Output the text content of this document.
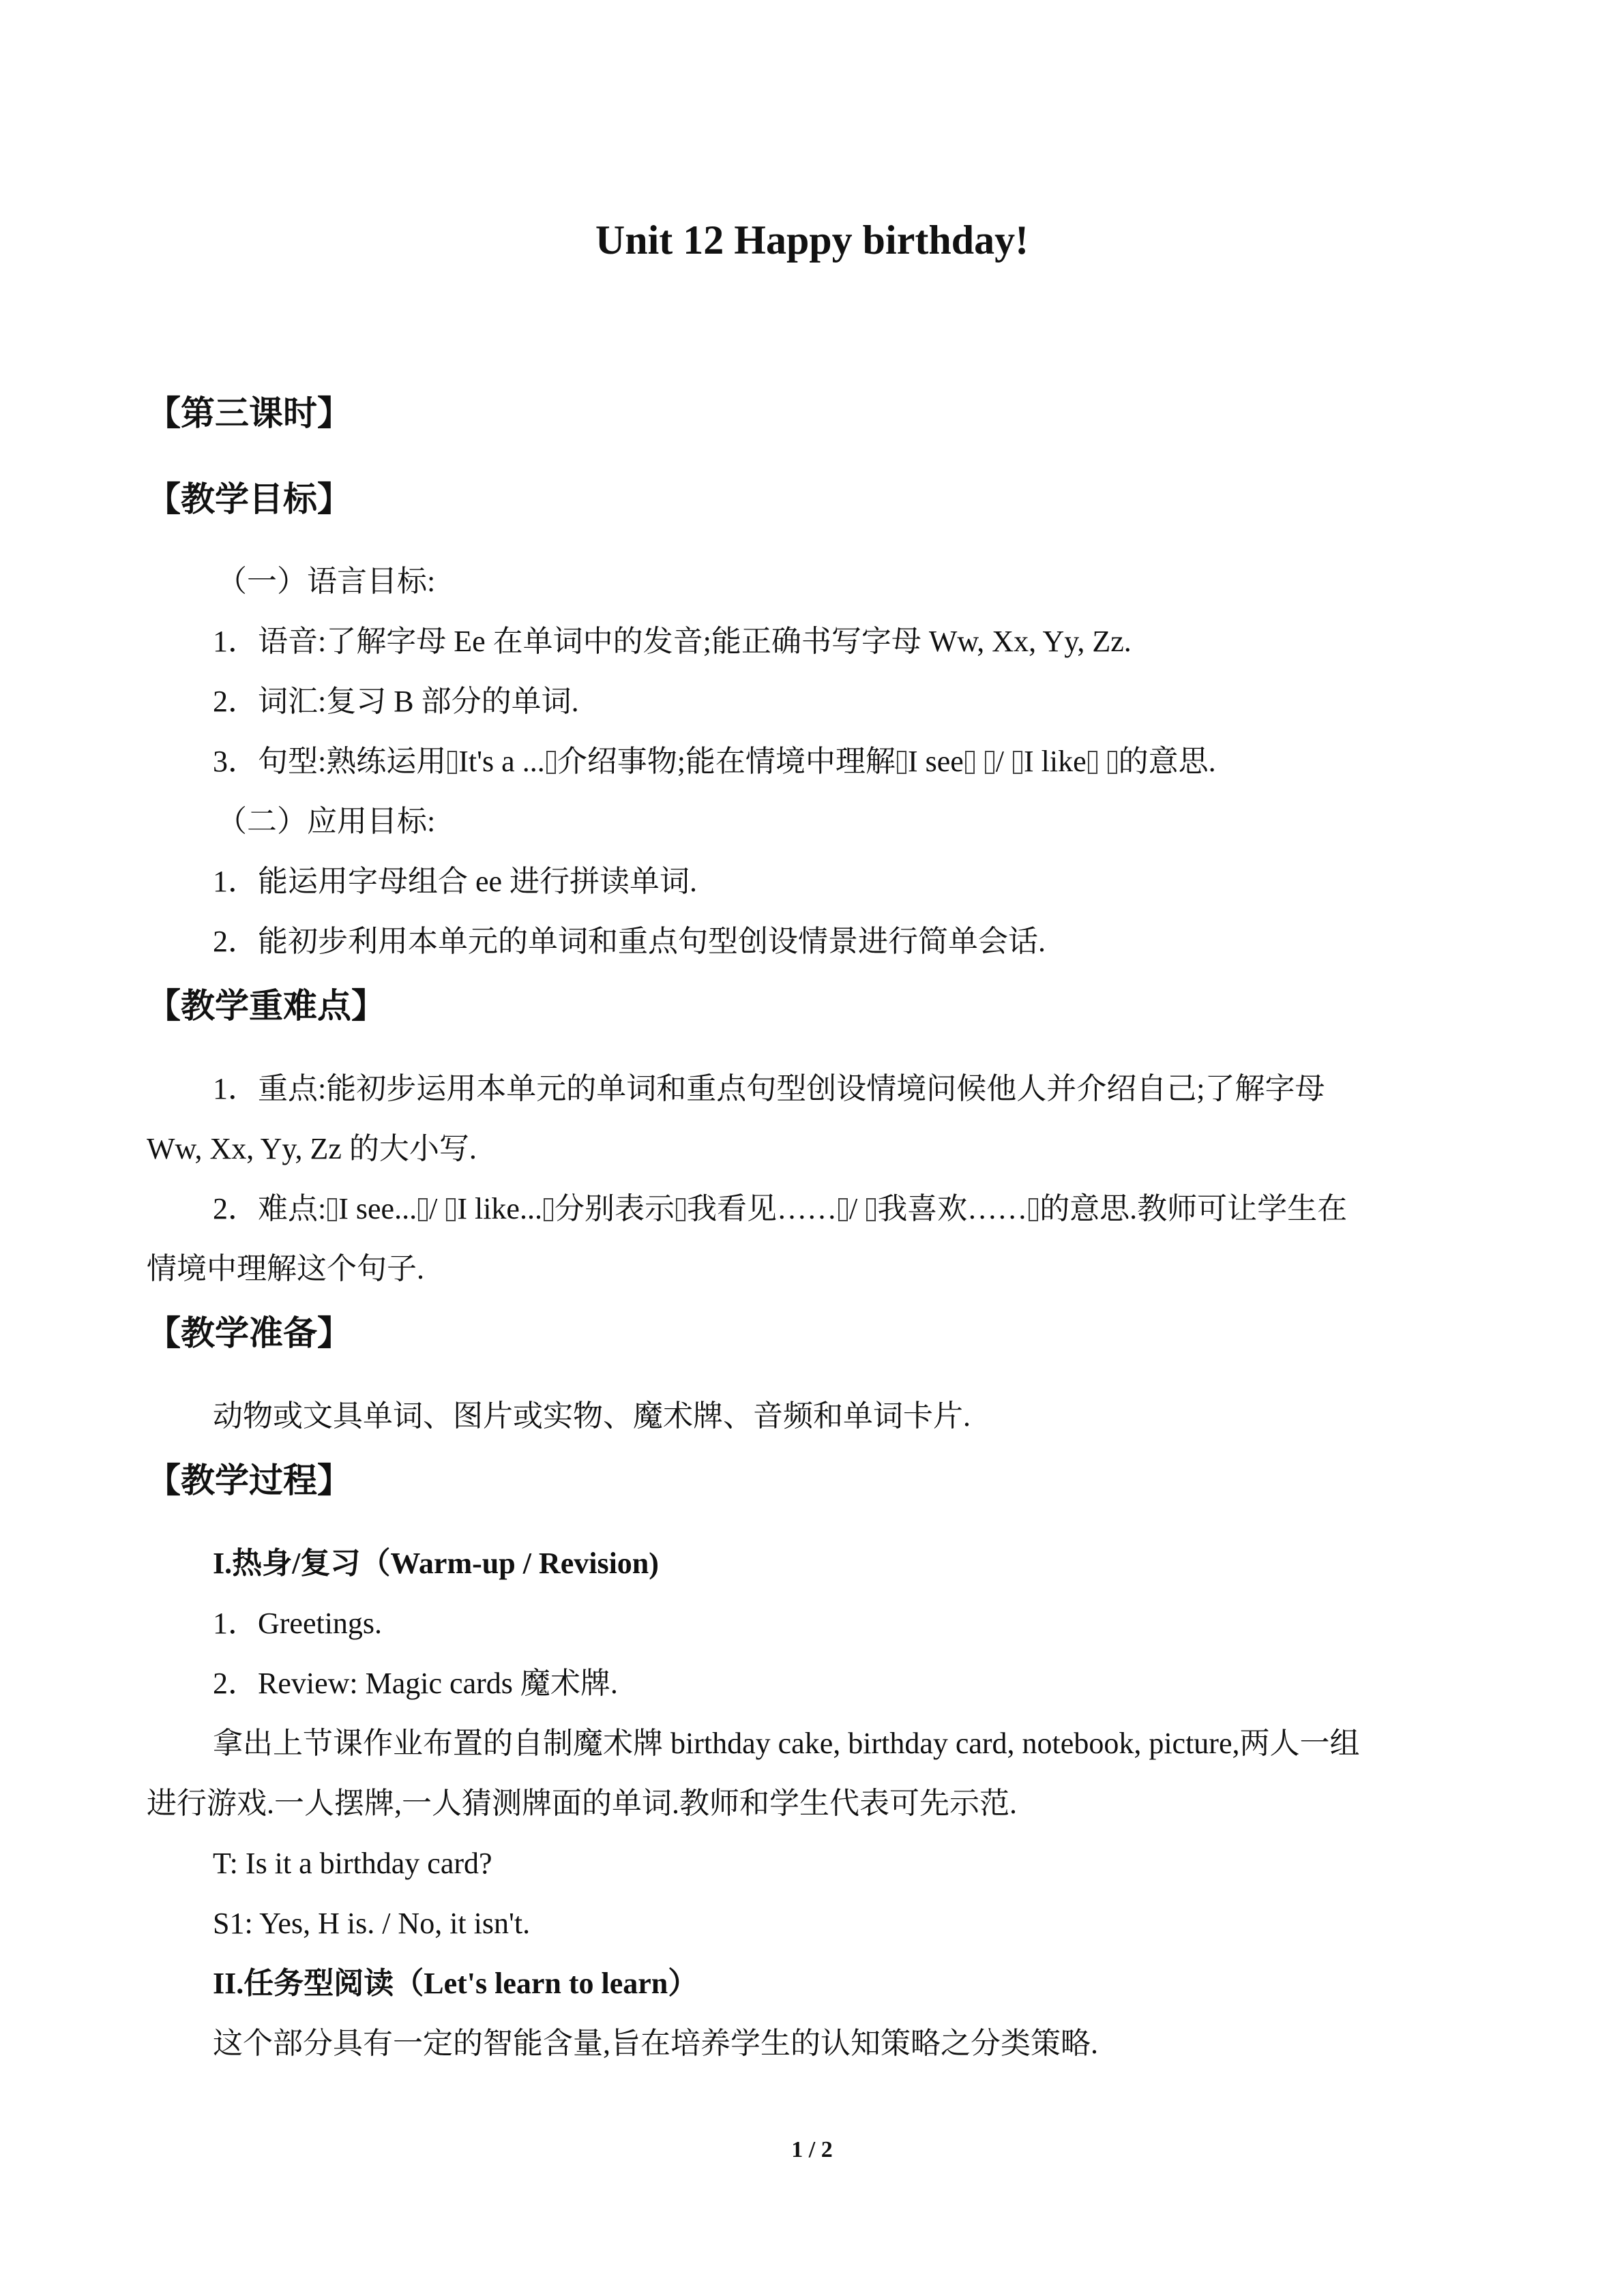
Unit 12 Happy birthday!
【第三课时】
【教学目标】
（一）语言目标:
1．语音:了解字母 Ee 在单词中的发音;能正确书写字母 Ww, Xx, Yy, Zz.
2．词汇:复习 B 部分的单词.
3．句型:熟练运用 It's a ... 介绍事物;能在情境中理解 I see / I like 的意思.
（二）应用目标:
1．能运用字母组合 ee 进行拼读单词.
2．能初步利用本单元的单词和重点句型创设情景进行简单会话.
【教学重难点】
1．重点:能初步运用本单元的单词和重点句型创设情境问候他人并介绍自己;了解字母
Ww, Xx, Yy, Zz 的大小写.
2．难点: I see... / I like... 分别表示 我看见…… / 我喜欢…… 的意思.教师可让学生在
情境中理解这个句子.
【教学准备】
动物或文具单词、图片或实物、魔术牌、音频和单词卡片.
【教学过程】
I.热身/复习（Warm-up / Revision)
1．Greetings.
2．Review: Magic cards 魔术牌.
拿出上节课作业布置的自制魔术牌 birthday cake, birthday card, notebook, picture,两人一组
进行游戏.一人摆牌,一人猜测牌面的单词.教师和学生代表可先示范.
T: Is it a birthday card?
S1: Yes, H is. / No, it isn't.
II.任务型阅读（Let's learn to learn）
这个部分具有一定的智能含量,旨在培养学生的认知策略之分类策略.
1 / 2
